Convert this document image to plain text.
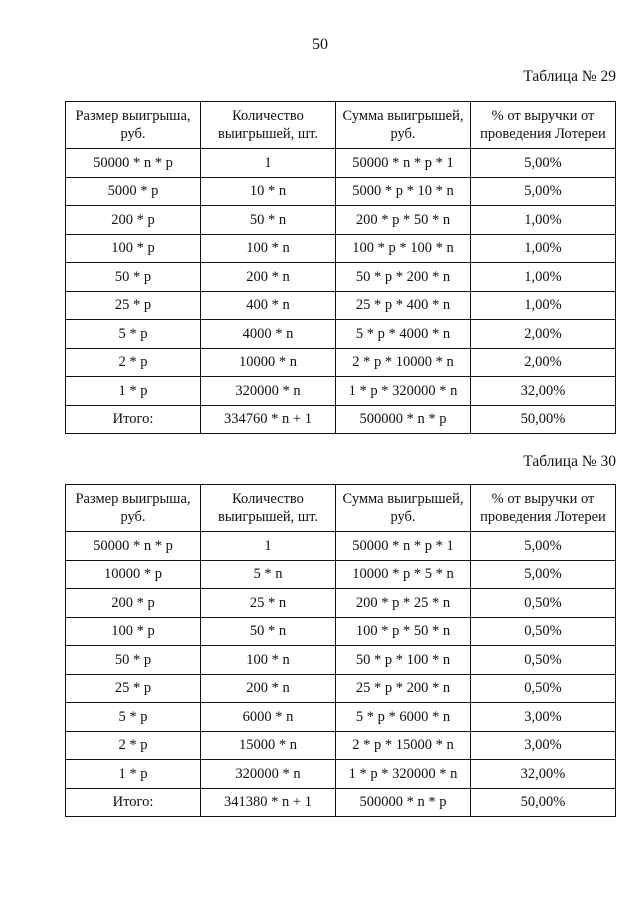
50
Таблица № 29
Размер выигрыша, руб.	Количество выигрышей, шт.	Сумма выигрышей, руб.	% от выручки от проведения Лотереи
50000 * n * p	1	50000 * n * p * 1	5,00%
5000 * p	10 * n	5000 * p * 10 * n	5,00%
200 * p	50 * n	200 * p * 50 * n	1,00%
100 * p	100 * n	100 * p * 100 * n	1,00%
50 * p	200 * n	50 * p * 200 * n	1,00%
25 * p	400 * n	25 * p * 400 * n	1,00%
5 * p	4000 * n	5 * p * 4000 * n	2,00%
2 * p	10000 * n	2 * p * 10000 * n	2,00%
1 * p	320000 * n	1 * p * 320000 * n	32,00%
Итого:	334760 * n + 1	500000 * n * p	50,00%
Таблица № 30
Размер выигрыша, руб.	Количество выигрышей, шт.	Сумма выигрышей, руб.	% от выручки от проведения Лотереи
50000 * n * p	1	50000 * n * p * 1	5,00%
10000 * p	5 * n	10000 * p * 5 * n	5,00%
200 * p	25 * n	200 * p * 25 * n	0,50%
100 * p	50 * n	100 * p * 50 * n	0,50%
50 * p	100 * n	50 * p * 100 * n	0,50%
25 * p	200 * n	25 * p * 200 * n	0,50%
5 * p	6000 * n	5 * p * 6000 * n	3,00%
2 * p	15000 * n	2 * p * 15000 * n	3,00%
1 * p	320000 * n	1 * p * 320000 * n	32,00%
Итого:	341380 * n + 1	500000 * n * p	50,00%
